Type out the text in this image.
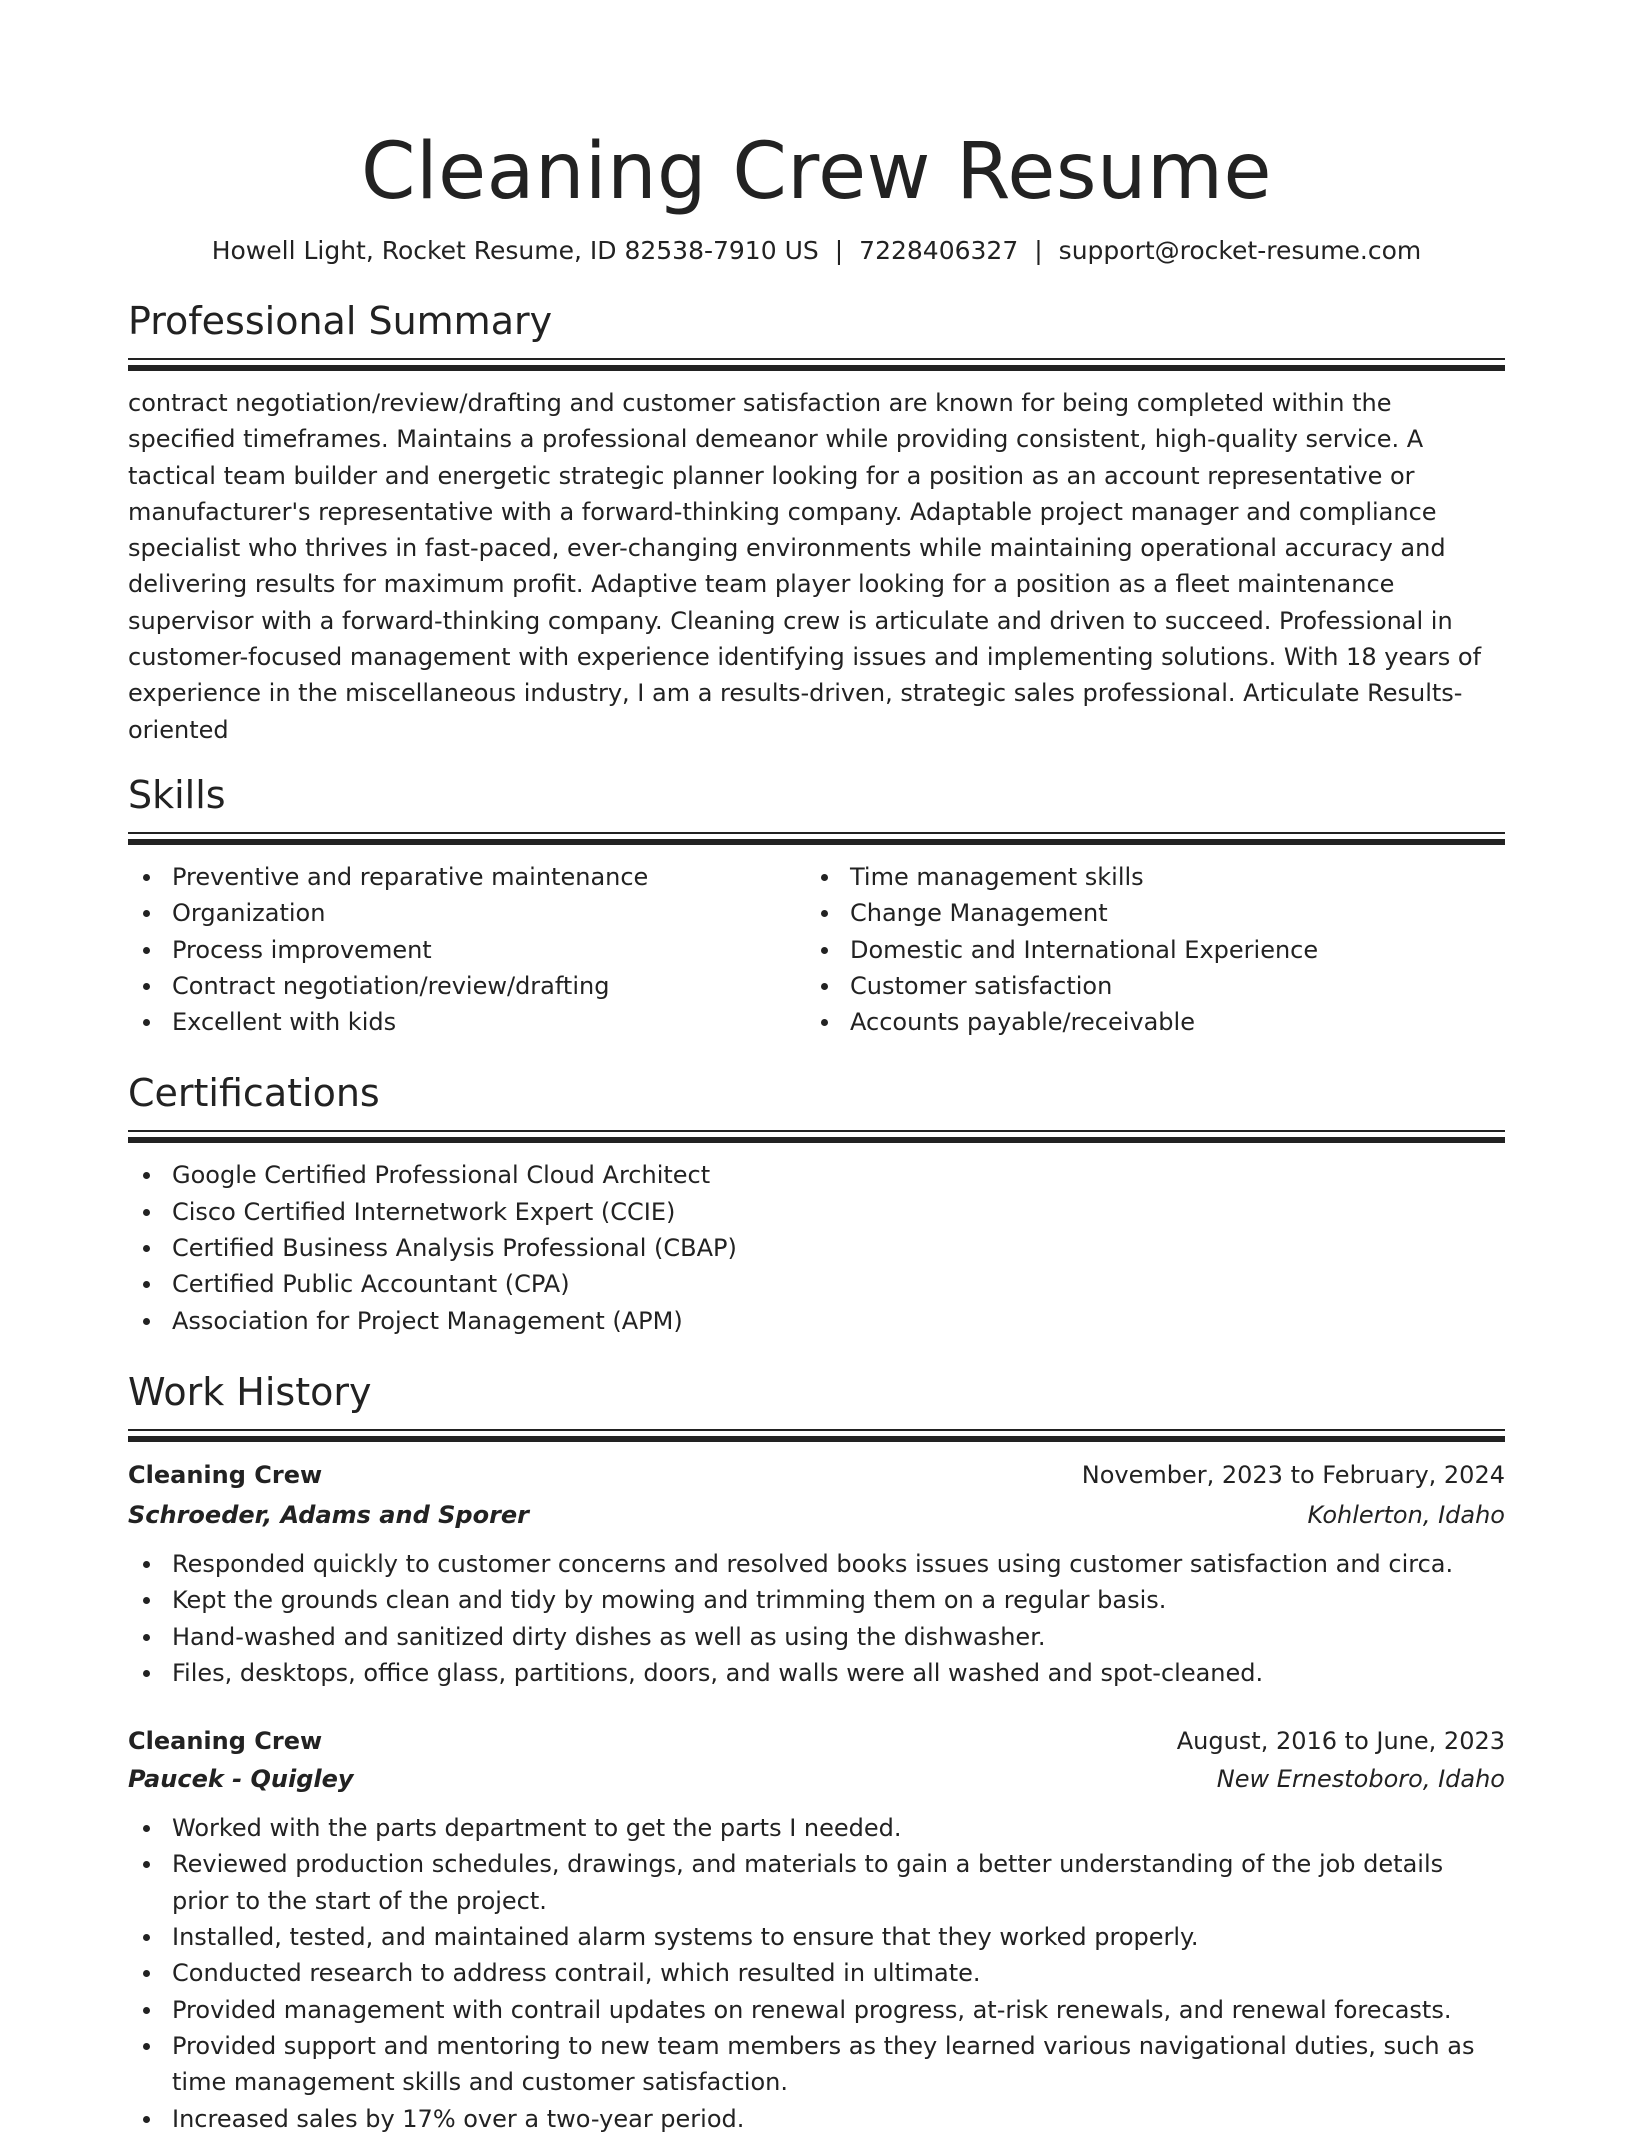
Cleaning Crew Resume
Howell Light, Rocket Resume, ID 82538-7910 US | 7228406327 | support@rocket-resume.com
Professional Summary

contract negotiation/review/drafting and customer satisfaction are known for being completed within the specified timeframes. Maintains a professional demeanor while providing consistent, high-quality service. A tactical team builder and energetic strategic planner looking for a position as an account representative or manufacturer's representative with a forward-thinking company. Adaptable project manager and compliance specialist who thrives in fast-paced, ever-changing environments while maintaining operational accuracy and delivering results for maximum profit. Adaptive team player looking for a position as a fleet maintenance supervisor with a forward-thinking company. Cleaning crew is articulate and driven to succeed. Professional in customer-focused management with experience identifying issues and implementing solutions. With 18 years of experience in the miscellaneous industry, I am a results-driven, strategic sales professional. Articulate Results-oriented

Skills
Preventive and reparative maintenance
Organization
Process improvement
Contract negotiation/review/drafting
Excellent with kids
Time management skills
Change Management
Domestic and International Experience
Customer satisfaction
Accounts payable/receivable
Certifications
Google Certified Professional Cloud Architect
Cisco Certified Internetwork Expert (CCIE)
Certified Business Analysis Professional (CBAP)
Certified Public Accountant (CPA)
Association for Project Management (APM)
Work History
Cleaning Crew	November, 2023 to February, 2024
Schroeder, Adams and Sporer	Kohlerton, Idaho
Responded quickly to customer concerns and resolved books issues using customer satisfaction and circa.
Kept the grounds clean and tidy by mowing and trimming them on a regular basis.
Hand-washed and sanitized dirty dishes as well as using the dishwasher.
Files, desktops, office glass, partitions, doors, and walls were all washed and spot-cleaned.
Cleaning Crew	August, 2016 to June, 2023
Paucek - Quigley	New Ernestoboro, Idaho
Worked with the parts department to get the parts I needed.
Reviewed production schedules, drawings, and materials to gain a better understanding of the job details prior to the start of the project.
Installed, tested, and maintained alarm systems to ensure that they worked properly.
Conducted research to address contrail, which resulted in ultimate.
Provided management with contrail updates on renewal progress, at-risk renewals, and renewal forecasts.
Provided support and mentoring to new team members as they learned various navigational duties, such as time management skills and customer satisfaction.
Increased sales by 17% over a two-year period.
